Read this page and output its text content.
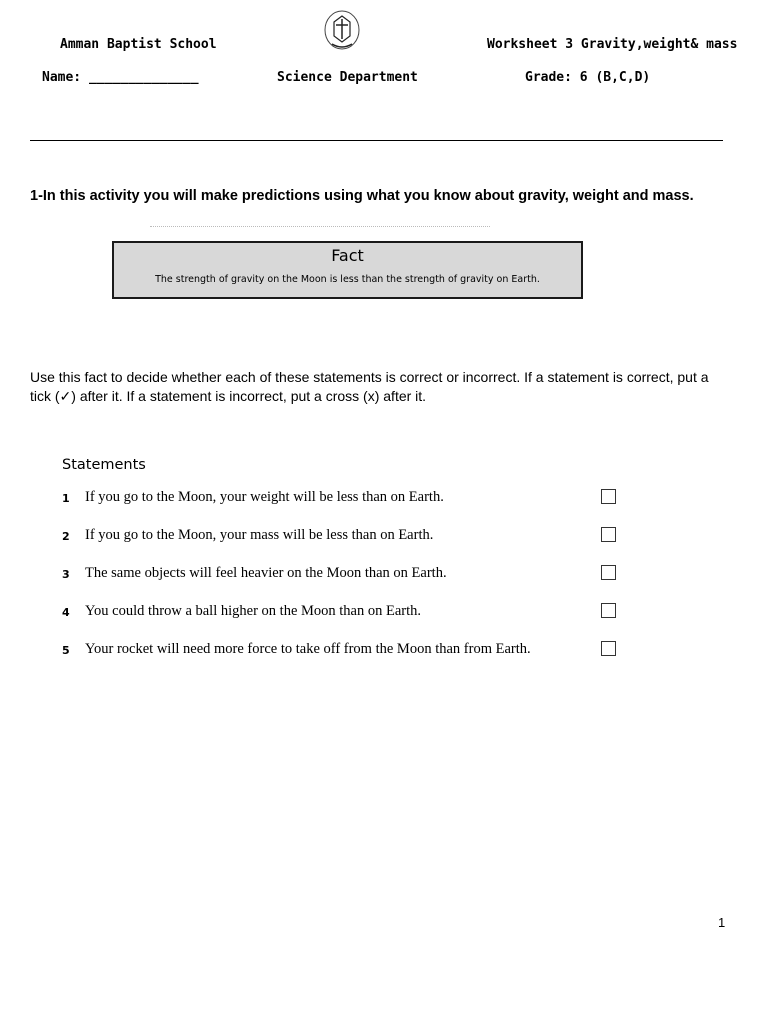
Amman Baptist School	Worksheet 3 Gravity,weight& mass
Name: ______________	Science Department	Grade: 6 (B,C,D)
1-In this activity you will make predictions using what you know about gravity, weight and mass.
Fact
The strength of gravity on the Moon is less than the strength of gravity on Earth.
Use this fact to decide whether each of these statements is correct or incorrect. If a statement is correct, put a tick (✓) after it. If a statement is incorrect, put a cross (x) after it.
Statements
1 If you go to the Moon, your weight will be less than on Earth.
2 If you go to the Moon, your mass will be less than on Earth.
3 The same objects will feel heavier on the Moon than on Earth.
4 You could throw a ball higher on the Moon than on Earth.
5 Your rocket will need more force to take off from the Moon than from Earth.
1
